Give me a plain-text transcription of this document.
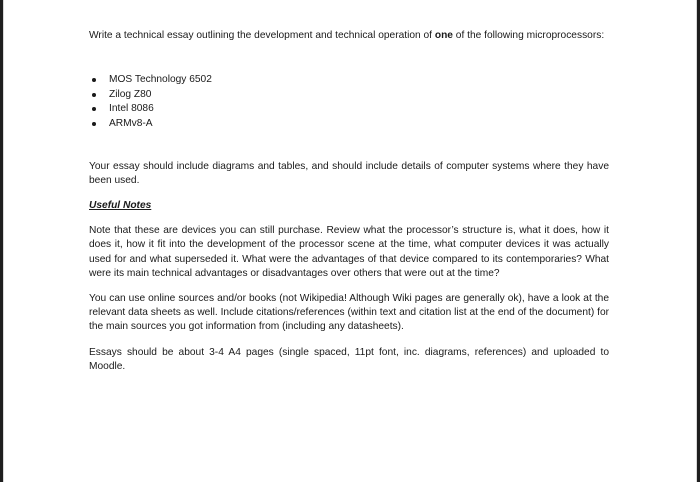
Write a technical essay outlining the development and technical operation of one of the following microprocessors:

MOS Technology 6502
Zilog Z80
Intel 8086
ARMv8-A

Your essay should include diagrams and tables, and should include details of computer systems where they have been used.

Useful Notes

Note that these are devices you can still purchase. Review what the processor’s structure is, what it does, how it does it, how it fit into the development of the processor scene at the time, what computer devices it was actually used for and what superseded it. What were the advantages of that device compared to its contemporaries? What were its main technical advantages or disadvantages over others that were out at the time?

You can use online sources and/or books (not Wikipedia! Although Wiki pages are generally ok), have a look at the relevant data sheets as well. Include citations/references (within text and citation list at the end of the document) for the main sources you got information from (including any datasheets).

Essays should be about 3-4 A4 pages (single spaced, 11pt font, inc. diagrams, references) and uploaded to Moodle.
